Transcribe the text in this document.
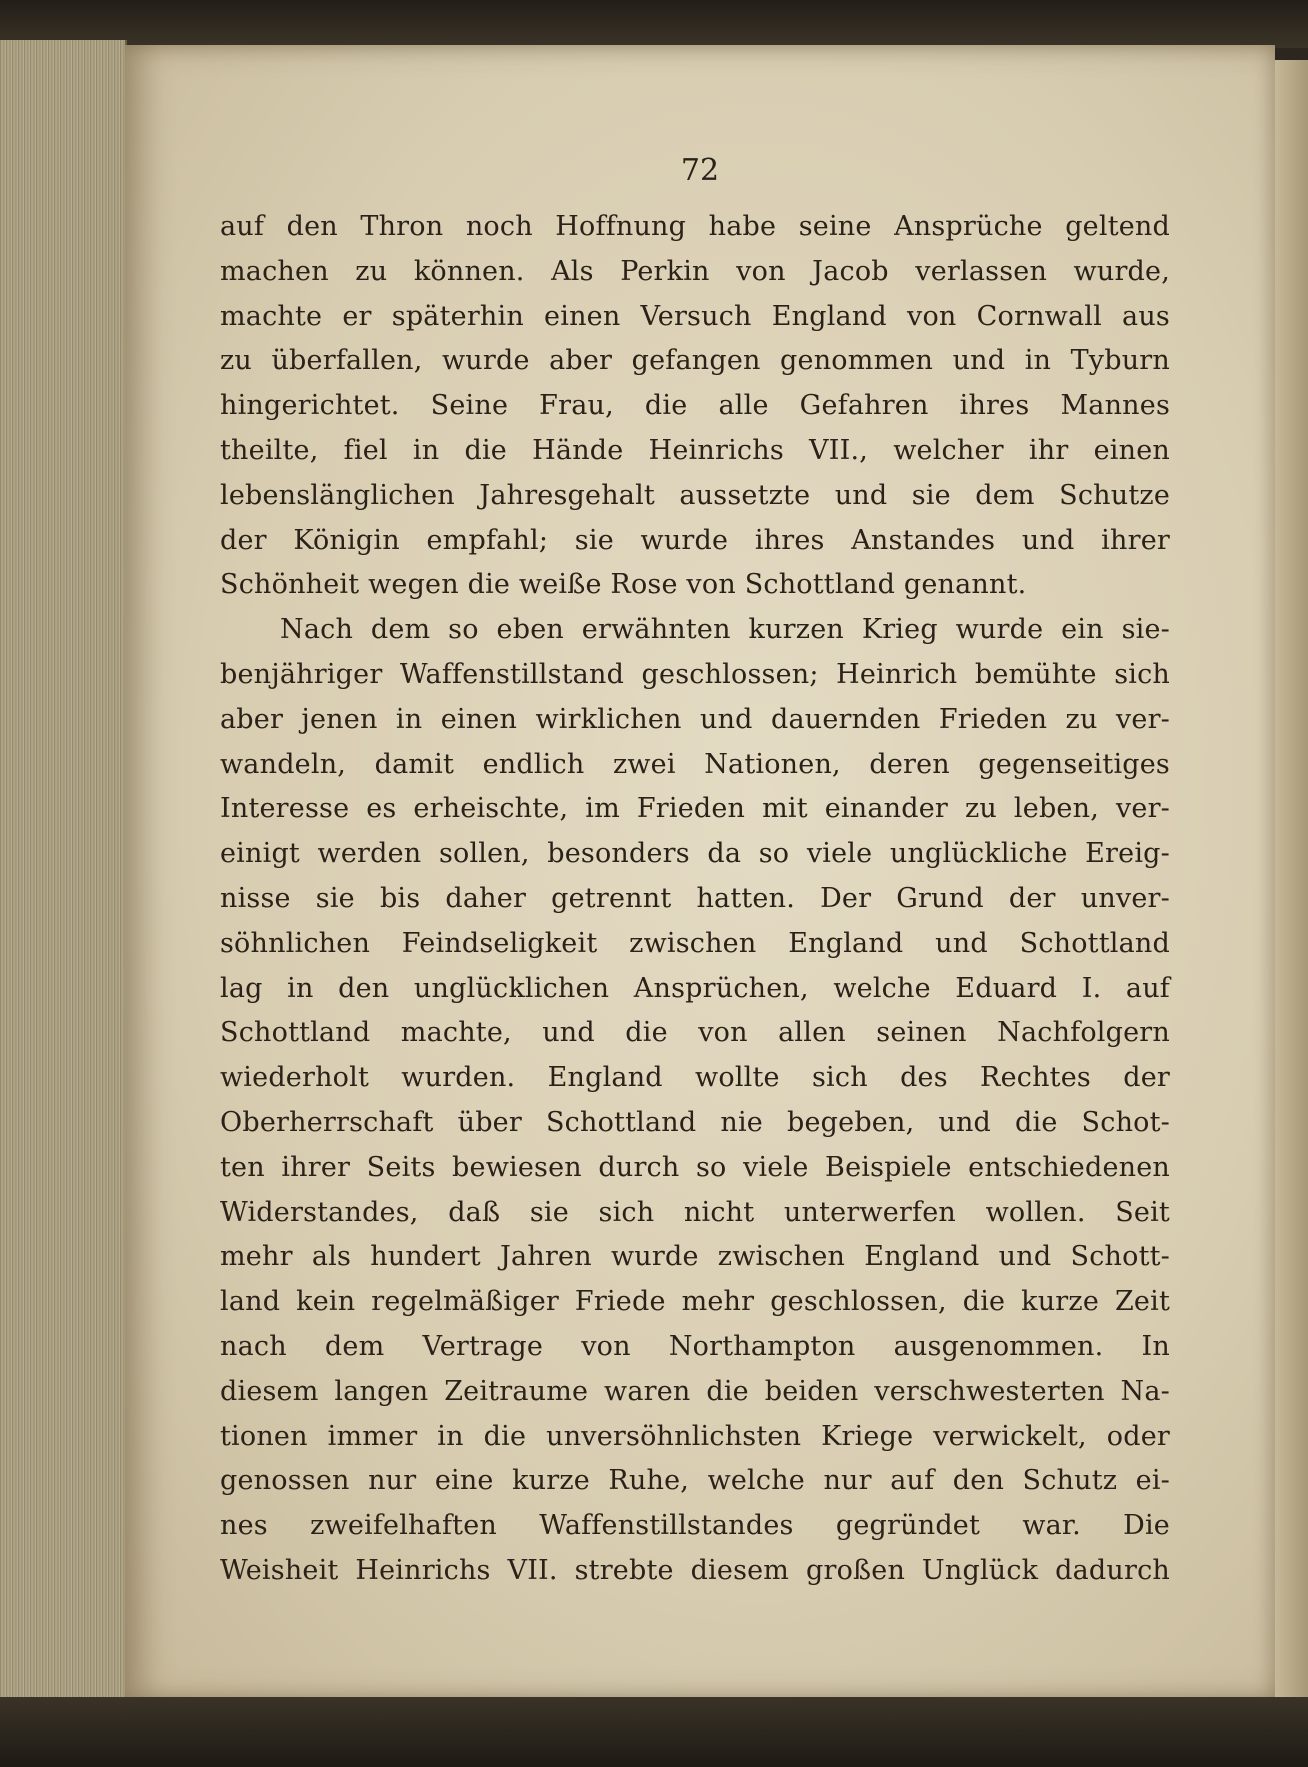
72
auf den Thron noch Hoffnung habe seine Ansprüche geltend
machen zu können. Als Perkin von Jacob verlassen wurde,
machte er späterhin einen Versuch England von Cornwall aus
zu überfallen, wurde aber gefangen genommen und in Tyburn
hingerichtet. Seine Frau, die alle Gefahren ihres Mannes
theilte, fiel in die Hände Heinrichs VII., welcher ihr einen
lebenslänglichen Jahresgehalt aussetzte und sie dem Schutze
der Königin empfahl; sie wurde ihres Anstandes und ihrer
Schönheit wegen die weiße Rose von Schottland genannt.
Nach dem so eben erwähnten kurzen Krieg wurde ein sie-
benjähriger Waffenstillstand geschlossen; Heinrich bemühte sich
aber jenen in einen wirklichen und dauernden Frieden zu ver-
wandeln, damit endlich zwei Nationen, deren gegenseitiges
Interesse es erheischte, im Frieden mit einander zu leben, ver-
einigt werden sollen, besonders da so viele unglückliche Ereig-
nisse sie bis daher getrennt hatten. Der Grund der unver-
söhnlichen Feindseligkeit zwischen England und Schottland
lag in den unglücklichen Ansprüchen, welche Eduard I. auf
Schottland machte, und die von allen seinen Nachfolgern
wiederholt wurden. England wollte sich des Rechtes der
Oberherrschaft über Schottland nie begeben, und die Schot-
ten ihrer Seits bewiesen durch so viele Beispiele entschiedenen
Widerstandes, daß sie sich nicht unterwerfen wollen. Seit
mehr als hundert Jahren wurde zwischen England und Schott-
land kein regelmäßiger Friede mehr geschlossen, die kurze Zeit
nach dem Vertrage von Northampton ausgenommen. In
diesem langen Zeitraume waren die beiden verschwesterten Na-
tionen immer in die unversöhnlichsten Kriege verwickelt, oder
genossen nur eine kurze Ruhe, welche nur auf den Schutz ei-
nes zweifelhaften Waffenstillstandes gegründet war. Die
Weisheit Heinrichs VII. strebte diesem großen Unglück dadurch
